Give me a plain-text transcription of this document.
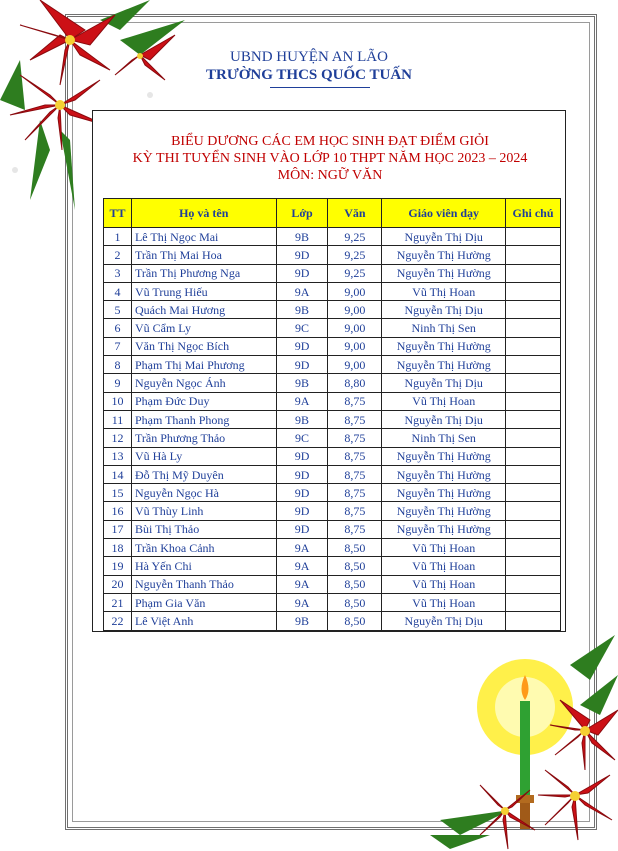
UBND HUYỆN AN LÃO
TRƯỜNG THCS QUỐC TUẤN
BIỂU DƯƠNG CÁC EM HỌC SINH ĐẠT ĐIỂM GIỎI
KỲ THI TUYỂN SINH VÀO LỚP 10 THPT NĂM HỌC 2023 – 2024
MÔN: NGỮ VĂN
TT	Họ và tên	Lớp	Văn	Giáo viên dạy	Ghi chú
1	Lê Thị Ngọc Mai	9B	9,25	Nguyễn Thị Dịu	
2	Trần Thị Mai Hoa	9D	9,25	Nguyễn Thị Hường	
3	Trần Thị Phương Nga	9D	9,25	Nguyễn Thị Hường	
4	Vũ Trung Hiếu	9A	9,00	Vũ Thị Hoan	
5	Quách Mai Hương	9B	9,00	Nguyễn Thị Dịu	
6	Vũ Cẩm Ly	9C	9,00	Ninh Thị Sen	
7	Văn Thị Ngọc Bích	9D	9,00	Nguyễn Thị Hường	
8	Phạm Thị Mai Phương	9D	9,00	Nguyễn Thị Hường	
9	Nguyễn Ngọc Ánh	9B	8,80	Nguyễn Thị Dịu	
10	Phạm Đức Duy	9A	8,75	Vũ Thị Hoan	
11	Phạm Thanh Phong	9B	8,75	Nguyễn Thị Dịu	
12	Trần Phương Thảo	9C	8,75	Ninh Thị Sen	
13	Vũ Hà Ly	9D	8,75	Nguyễn Thị Hường	
14	Đỗ Thị Mỹ Duyên	9D	8,75	Nguyễn Thị Hường	
15	Nguyễn Ngọc Hà	9D	8,75	Nguyễn Thị Hường	
16	Vũ Thùy Linh	9D	8,75	Nguyễn Thị Hường	
17	Bùi Thị Thảo	9D	8,75	Nguyễn Thị Hường	
18	Trần Khoa Cảnh	9A	8,50	Vũ Thị Hoan	
19	Hà Yến Chi	9A	8,50	Vũ Thị Hoan	
20	Nguyễn Thanh Thảo	9A	8,50	Vũ Thị Hoan	
21	Phạm Gia Văn	9A	8,50	Vũ Thị Hoan	
22	Lê Việt Anh	9B	8,50	Nguyễn Thị Dịu	
